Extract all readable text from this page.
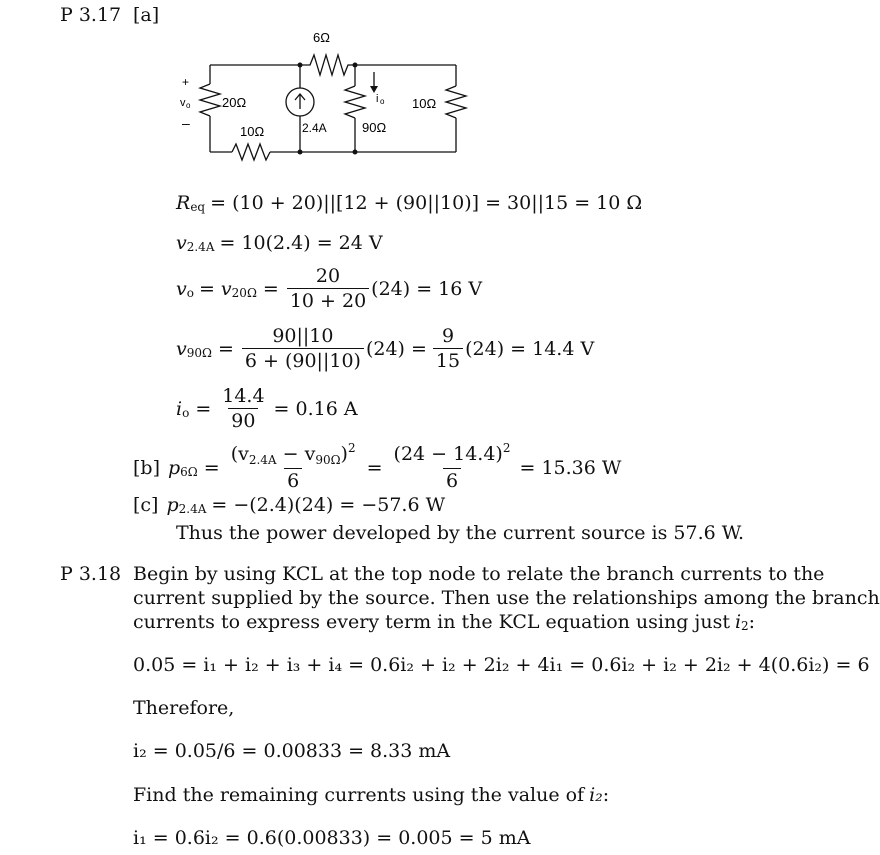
P 3.17 [a]
6Ω
20Ω
10Ω	2.4A	90Ω
10Ω
+
v o
–
i o
R eq = (10 + 20)||[12 + (90||10)] = 30||15 = 10 Ω
v 2.4A = 10(2.4) = 24 V
v o = v $20\Omega = \frac{20}{10 + 20} (24) = 16$ V
v $90\Omega = \frac{90||10}{6 + (90||10)} (24) = \frac{9}{15} (24) = 14.4$ V
i $o = \frac{14.4}{90} = 0.16$ A
[b] p $6\Omega = \frac{(v_{2.4A} - v_{90\Omega})^2}{6} = \frac{(24 - 14.4)^2}{6} = 15.36$ W
[c] p 2.4A = −(2.4)(24) = −57.6 W
Thus the power developed by the current source is 57.6 W.
P 3.18 Begin by using KCL at the top node to relate the branch currents to the
current supplied by the source. Then use the relationships among the branch
currents to express every term in the KCL equation using just i 2 :
0.05 = i₁ + i₂ + i₃ + i₄ = 0.6i₂ + i₂ + 2i₂ + 4i₁ = 0.6i₂ + i₂ + 2i₂ + 4(0.6i₂) = 6
Therefore,
i₂ = 0.05/6 = 0.00833 = 8.33 mA
Find the remaining currents using the value of i₂ :
i₁ = 0.6i₂ = 0.6(0.00833) = 0.005 = 5 mA
